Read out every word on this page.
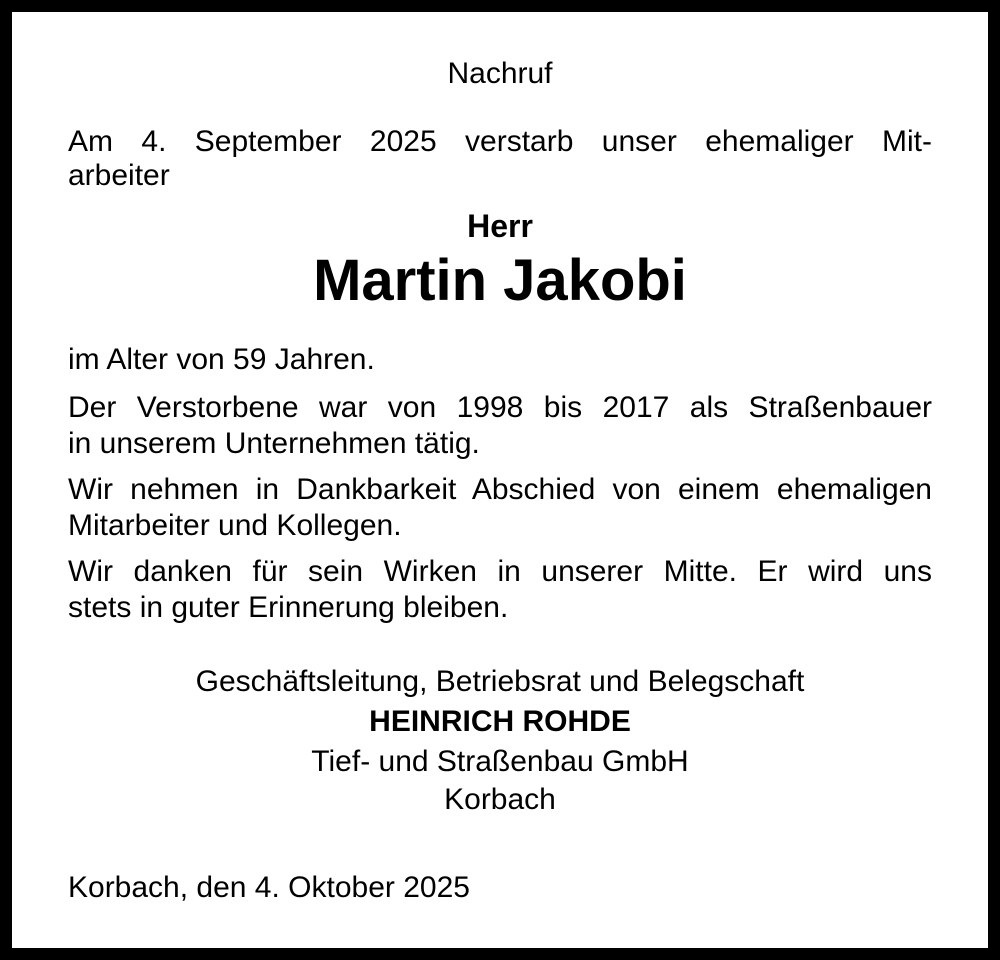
Nachruf
Am 4. September 2025 verstarb unser ehemaliger Mit-
arbeiter
Herr
Martin Jakobi
im Alter von 59 Jahren.
Der Verstorbene war von 1998 bis 2017 als Straßenbauer
in unserem Unternehmen tätig.
Wir nehmen in Dankbarkeit Abschied von einem ehemaligen
Mitarbeiter und Kollegen.
Wir danken für sein Wirken in unserer Mitte. Er wird uns
stets in guter Erinnerung bleiben.
Geschäftsleitung, Betriebsrat und Belegschaft
HEINRICH ROHDE
Tief- und Straßenbau GmbH
Korbach
Korbach, den 4. Oktober 2025
